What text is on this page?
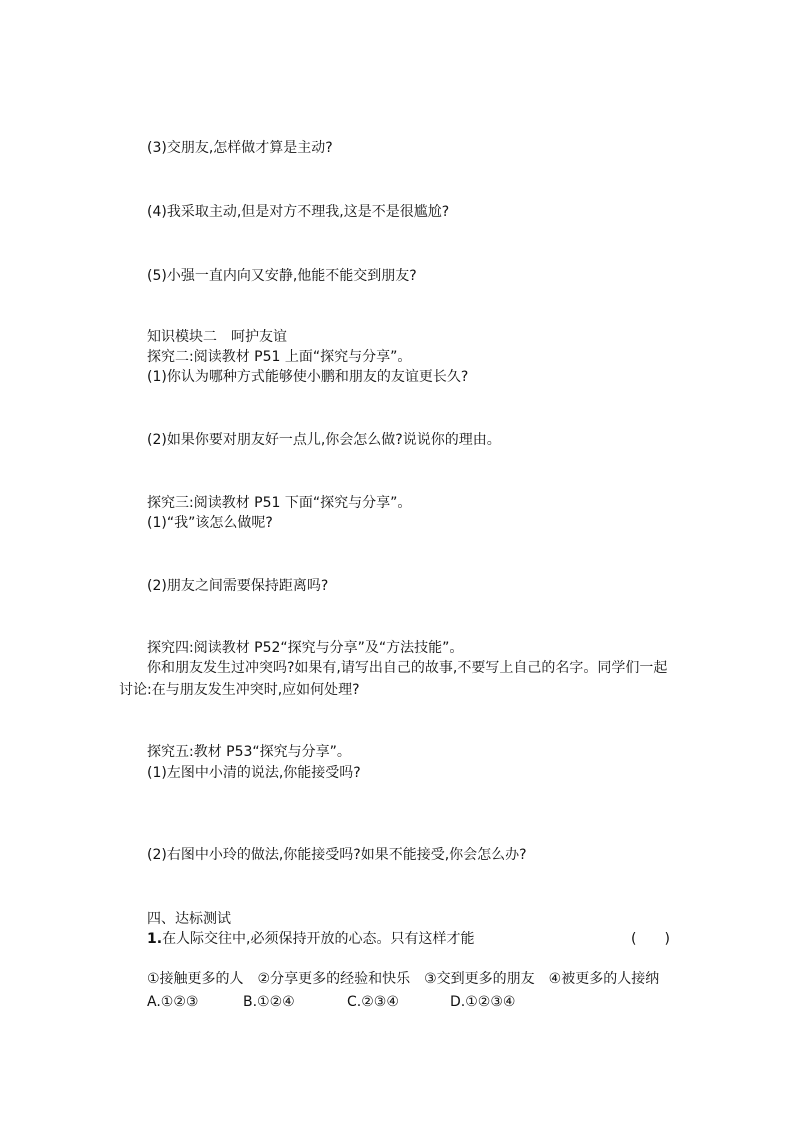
(3)交朋友,怎样做才算是主动?
(4)我采取主动,但是对方不理我,这是不是很尴尬?
(5)小强一直内向又安静,他能不能交到朋友?
知识模块二　呵护友谊
探究二:阅读教材 P51 上面“探究与分享”。
(1)你认为哪种方式能够使小鹏和朋友的友谊更长久?
(2)如果你要对朋友好一点儿,你会怎么做?说说你的理由。
探究三:阅读教材 P51 下面“探究与分享”。
(1)“我”该怎么做呢?
(2)朋友之间需要保持距离吗?
探究四:阅读教材 P52“探究与分享”及“方法技能”。
你和朋友发生过冲突吗?如果有,请写出自己的故事,不要写上自己的名字。同学们一起
讨论:在与朋友发生冲突时,应如何处理?
探究五:教材 P53“探究与分享”。
(1)左图中小清的说法,你能接受吗?
(2)右图中小玲的做法,你能接受吗?如果不能接受,你会怎么办?
四、达标测试
1.在人际交往中,必须保持开放的心态。只有这样才能	(　　)
①接触更多的人　②分享更多的经验和快乐　③交到更多的朋友　④被更多的人接纳
A.①②③	B.①②④	C.②③④	D.①②③④
